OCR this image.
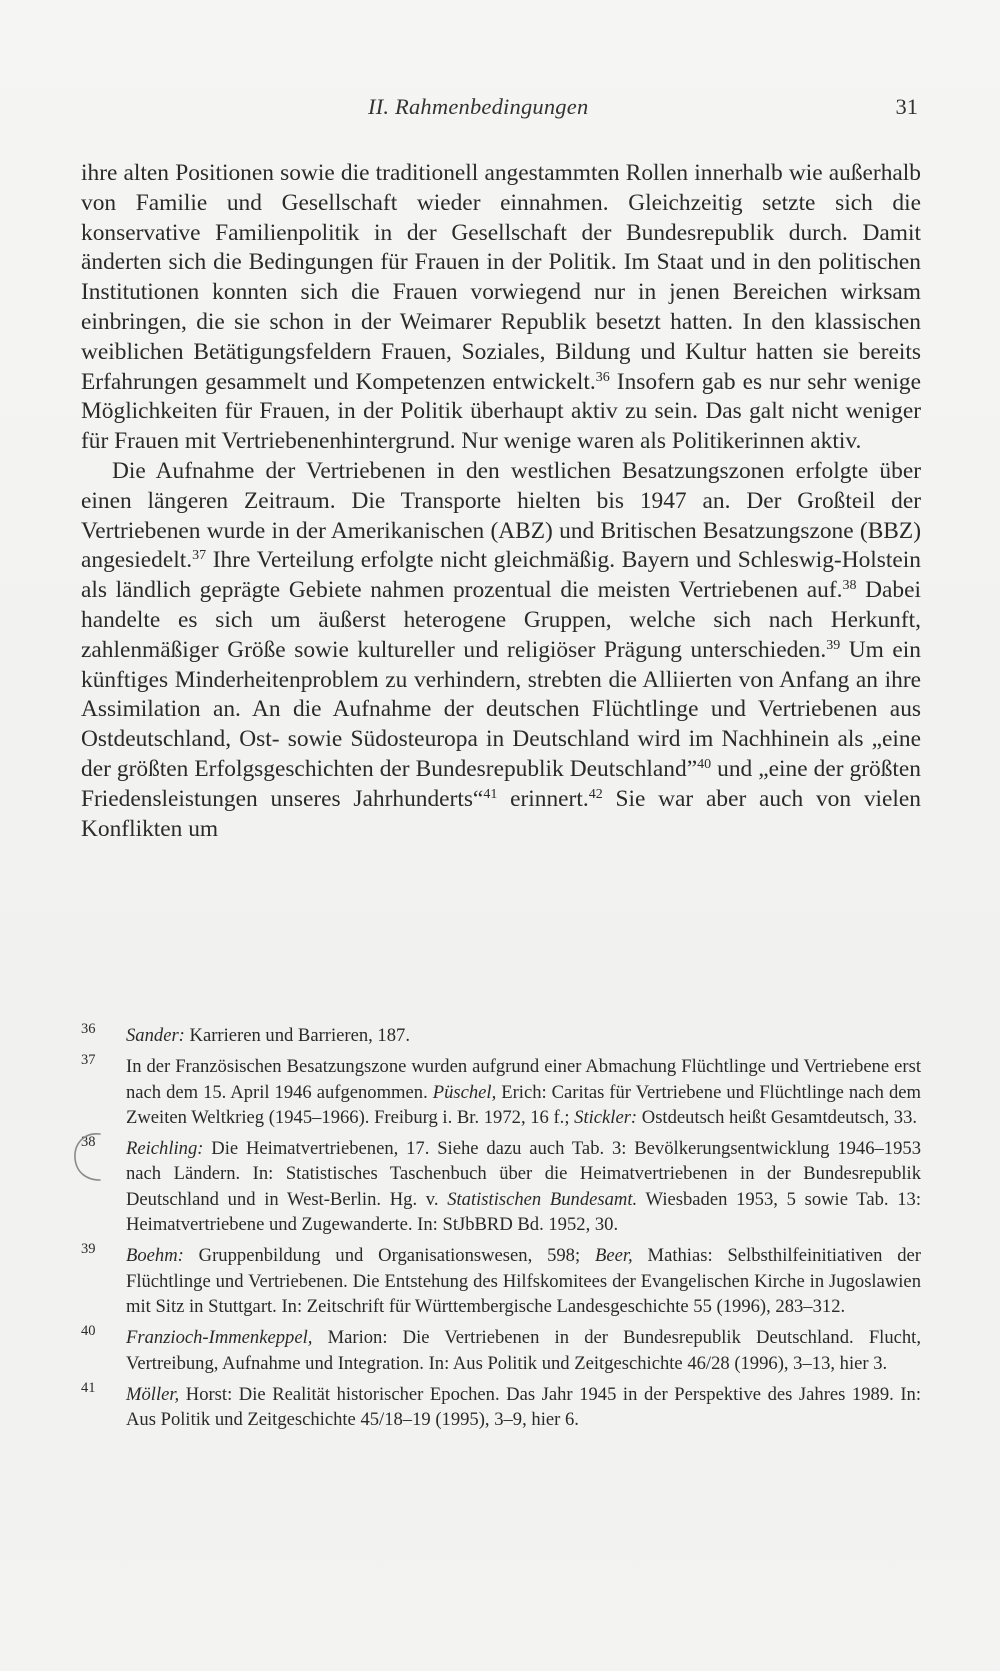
II. Rahmenbedingungen	31

ihre alten Positionen sowie die traditionell angestammten Rollen innerhalb wie außerhalb von Familie und Gesellschaft wieder einnahmen. Gleichzeitig setzte sich die konservative Familienpolitik in der Gesellschaft der Bundesrepublik durch. Damit änderten sich die Bedingungen für Frauen in der Politik. Im Staat und in den politischen Institutionen konnten sich die Frauen vorwiegend nur in jenen Bereichen wirksam einbringen, die sie schon in der Weimarer Republik besetzt hatten. In den klassischen weiblichen Betätigungsfeldern Frauen, Soziales, Bildung und Kultur hatten sie bereits Erfahrungen gesammelt und Kompetenzen entwickelt.$^{36}$ Insofern gab es nur sehr wenige Möglichkeiten für Frauen, in der Politik überhaupt aktiv zu sein. Das galt nicht weniger für Frauen mit Vertriebenenhintergrund. Nur wenige waren als Politikerinnen aktiv.

Die Aufnahme der Vertriebenen in den westlichen Besatzungszonen erfolgte über einen längeren Zeitraum. Die Transporte hielten bis 1947 an. Der Großteil der Vertriebenen wurde in der Amerikanischen (ABZ) und Britischen Besatzungszone (BBZ) angesiedelt.$^{37}$ Ihre Verteilung erfolgte nicht gleichmäßig. Bayern und Schleswig-Holstein als ländlich geprägte Gebiete nahmen prozentual die meisten Vertriebenen auf.$^{38}$ Dabei handelte es sich um äußerst heterogene Gruppen, welche sich nach Herkunft, zahlenmäßiger Größe sowie kultureller und religiöser Prägung unterschieden.$^{39}$ Um ein künftiges Minderheitenproblem zu verhindern, strebten die Alliierten von Anfang an ihre Assimilation an. An die Aufnahme der deutschen Flüchtlinge und Vertriebenen aus Ostdeutschland, Ost- sowie Südosteuropa in Deutschland wird im Nachhinein als „eine der größten Erfolgsgeschichten der Bundesrepublik Deutschland”$^{40}$ und „eine der größten Friedensleistungen unseres Jahrhunderts“$^{41}$ erinnert.$^{42}$ Sie war aber auch von vielen Konflikten um

36 Sander: Karrieren und Barrieren, 187.
37 In der Französischen Besatzungszone wurden aufgrund einer Abmachung Flüchtlinge und Vertriebene erst nach dem 15. April 1946 aufgenommen. Püschel, Erich: Caritas für Vertriebene und Flüchtlinge nach dem Zweiten Weltkrieg (1945–1966). Freiburg i. Br. 1972, 16 f.; Stickler: Ostdeutsch heißt Gesamtdeutsch, 33.
38 Reichling: Die Heimatvertriebenen, 17. Siehe dazu auch Tab. 3: Bevölkerungsentwicklung 1946–1953 nach Ländern. In: Statistisches Taschenbuch über die Heimatvertriebenen in der Bundesrepublik Deutschland und in West-Berlin. Hg. v. Statistischen Bundesamt. Wiesbaden 1953, 5 sowie Tab. 13: Heimatvertriebene und Zugewanderte. In: StJbBRD Bd. 1952, 30.
39 Boehm: Gruppenbildung und Organisationswesen, 598; Beer, Mathias: Selbsthilfeinitiativen der Flüchtlinge und Vertriebenen. Die Entstehung des Hilfskomitees der Evangelischen Kirche in Jugoslawien mit Sitz in Stuttgart. In: Zeitschrift für Württembergische Landesgeschichte 55 (1996), 283–312.
40 Franzioch-Immenkeppel, Marion: Die Vertriebenen in der Bundesrepublik Deutschland. Flucht, Vertreibung, Aufnahme und Integration. In: Aus Politik und Zeitgeschichte 46/28 (1996), 3–13, hier 3.
41 Möller, Horst: Die Realität historischer Epochen. Das Jahr 1945 in der Perspektive des Jahres 1989. In: Aus Politik und Zeitgeschichte 45/18–19 (1995), 3–9, hier 6.
